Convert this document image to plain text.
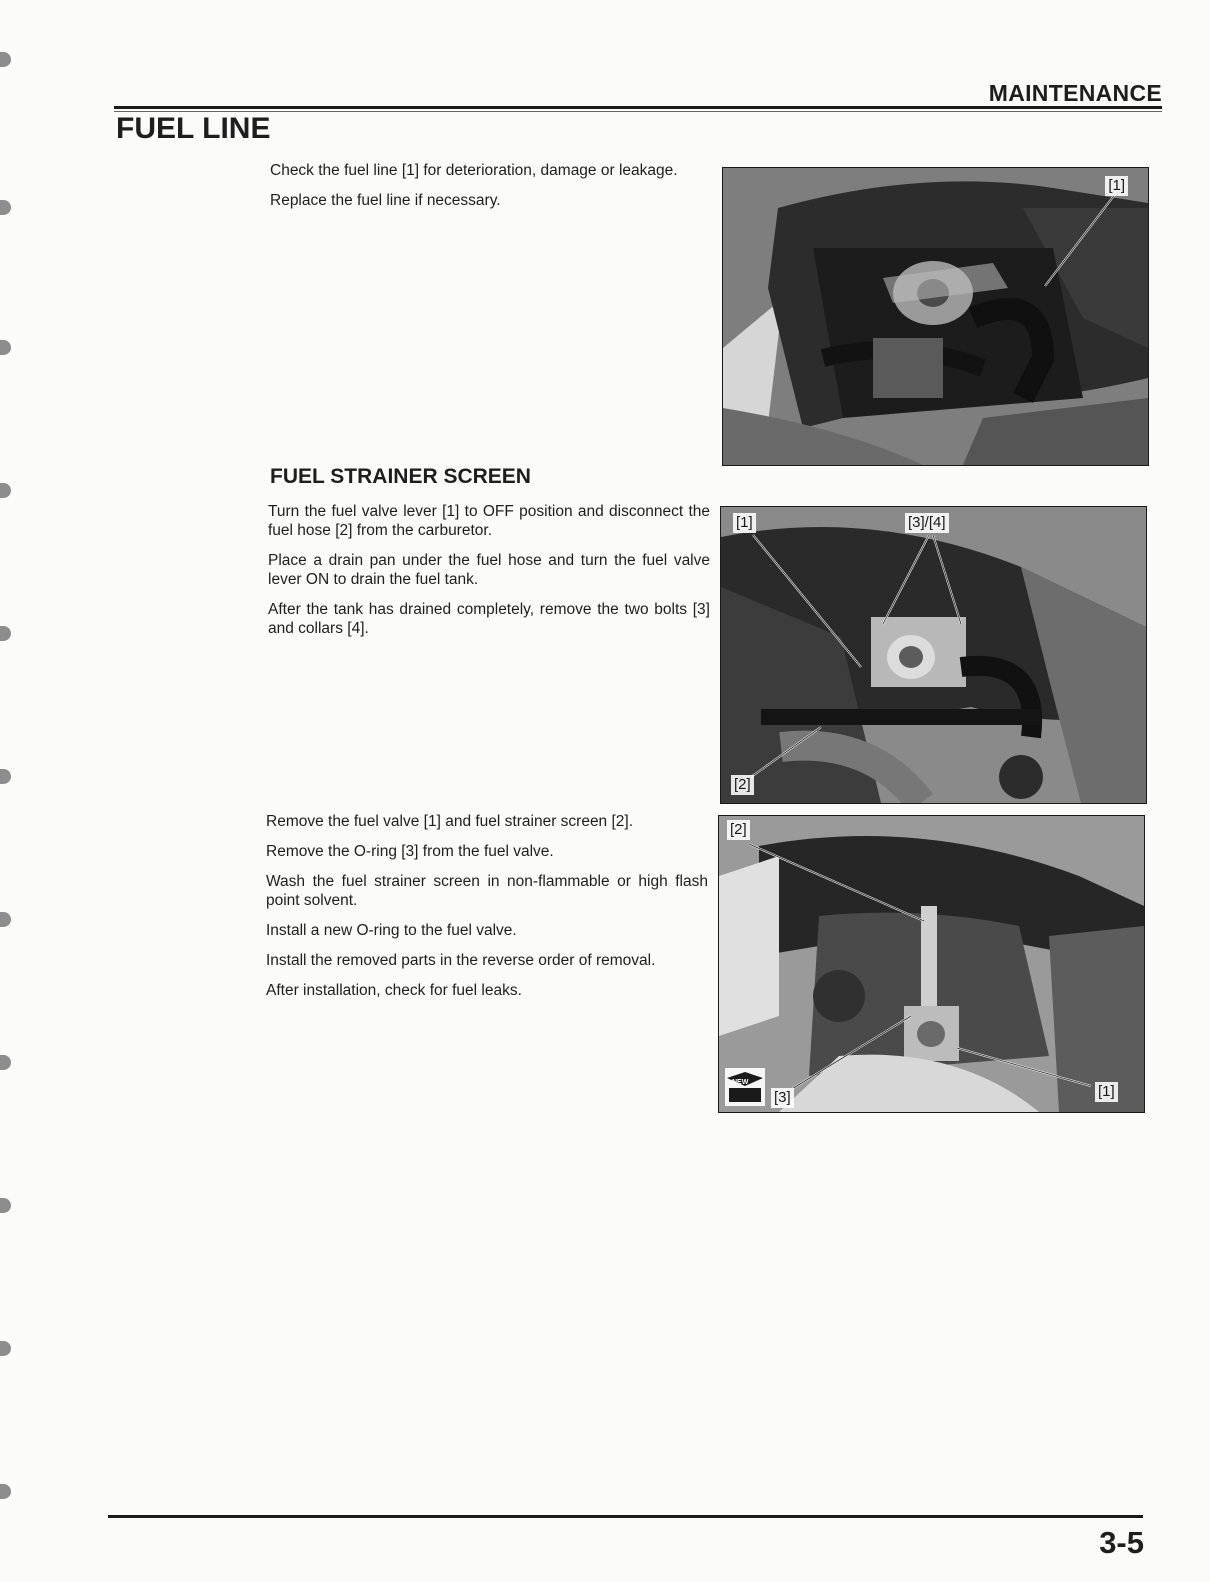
MAINTENANCE
FUEL LINE

Check the fuel line [1] for deterioration, damage or leakage.

Replace the fuel line if necessary.

[1]
FUEL STRAINER SCREEN

Turn the fuel valve lever [1] to OFF position and disconnect the fuel hose [2] from the carburetor.

Place a drain pan under the fuel hose and turn the fuel valve lever ON to drain the fuel tank.

After the tank has drained completely, remove the two bolts [3] and collars [4].

[1]	[3]/[4]
[2]

Remove the fuel valve [1] and fuel strainer screen [2].

Remove the O-ring [3] from the fuel valve.

Wash the fuel strainer screen in non-flammable or high flash point solvent.

Install a new O-ring to the fuel valve.

Install the removed parts in the reverse order of removal.

After installation, check for fuel leaks.

[2]
[3]	[1]
NEW
3-5
